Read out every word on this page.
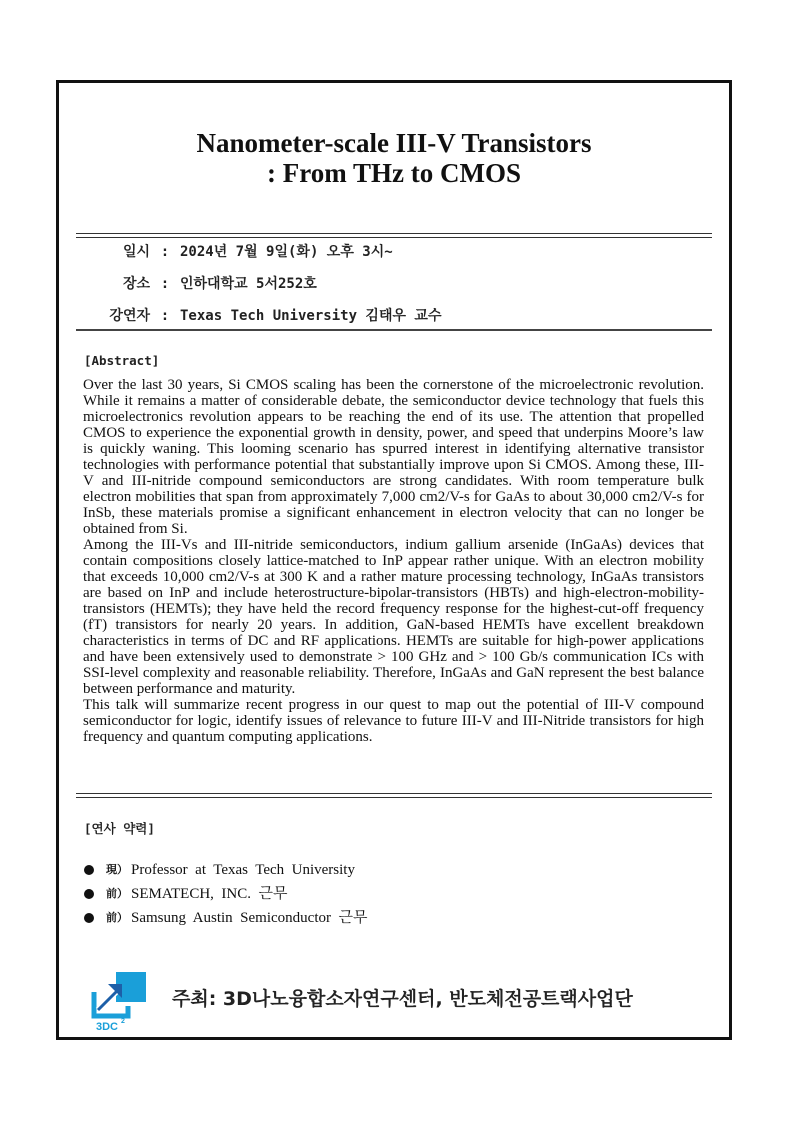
Nanometer-scale III-V Transistors
: From THz to CMOS
일시 : 2024년 7월 9일(화) 오후 3시~
장소 : 인하대학교 5서252호
강연자 : Texas Tech University 김태우 교수
[Abstract]

Over the last 30 years, Si CMOS scaling has been the cornerstone of the microelectronic revolution. While it remains a matter of considerable debate, the semiconductor device technology that fuels this microelectronics revolution appears to be reaching the end of its use. The attention that propelled CMOS to experience the exponential growth in density, power, and speed that underpins Moore’s law is quickly waning. This looming scenario has spurred interest in identifying alternative transistor technologies with performance potential that substantially improve upon Si CMOS. Among these, III-V and III-nitride compound semiconductors are strong candidates. With room temperature bulk electron mobilities that span from approximately 7,000 cm2/V-s for GaAs to about 30,000 cm2/V-s for InSb, these materials promise a significant enhancement in electron velocity that can no longer be obtained from Si.

Among the III-Vs and III-nitride semiconductors, indium gallium arsenide (InGaAs) devices that contain compositions closely lattice-matched to InP appear rather unique. With an electron mobility that exceeds 10,000 cm2/V-s at 300 K and a rather mature processing technology, InGaAs transistors are based on InP and include heterostructure-bipolar-transistors (HBTs) and high-electron-mobility-transistors (HEMTs); they have held the record frequency response for the highest-cut-off frequency (fT) transistors for nearly 20 years. In addition, GaN-based HEMTs have excellent breakdown characteristics in terms of DC and RF applications. HEMTs are suitable for high-power applications and have been extensively used to demonstrate > 100 GHz and > 100 Gb/s communication ICs with SSI-level complexity and reasonable reliability. Therefore, InGaAs and GaN represent the best balance between performance and maturity.

This talk will summarize recent progress in our quest to map out the potential of III-V compound semiconductor for logic, identify issues of relevance to future III-V and III-Nitride transistors for high frequency and quantum computing applications.

[연사 약력]
現） Professor  at  Texas  Tech  University
前） SEMATECH,  INC.  근무
前） Samsung  Austin  Semiconductor  근무
3DC 2
주최: 3D나노융합소자연구센터, 반도체전공트랙사업단
